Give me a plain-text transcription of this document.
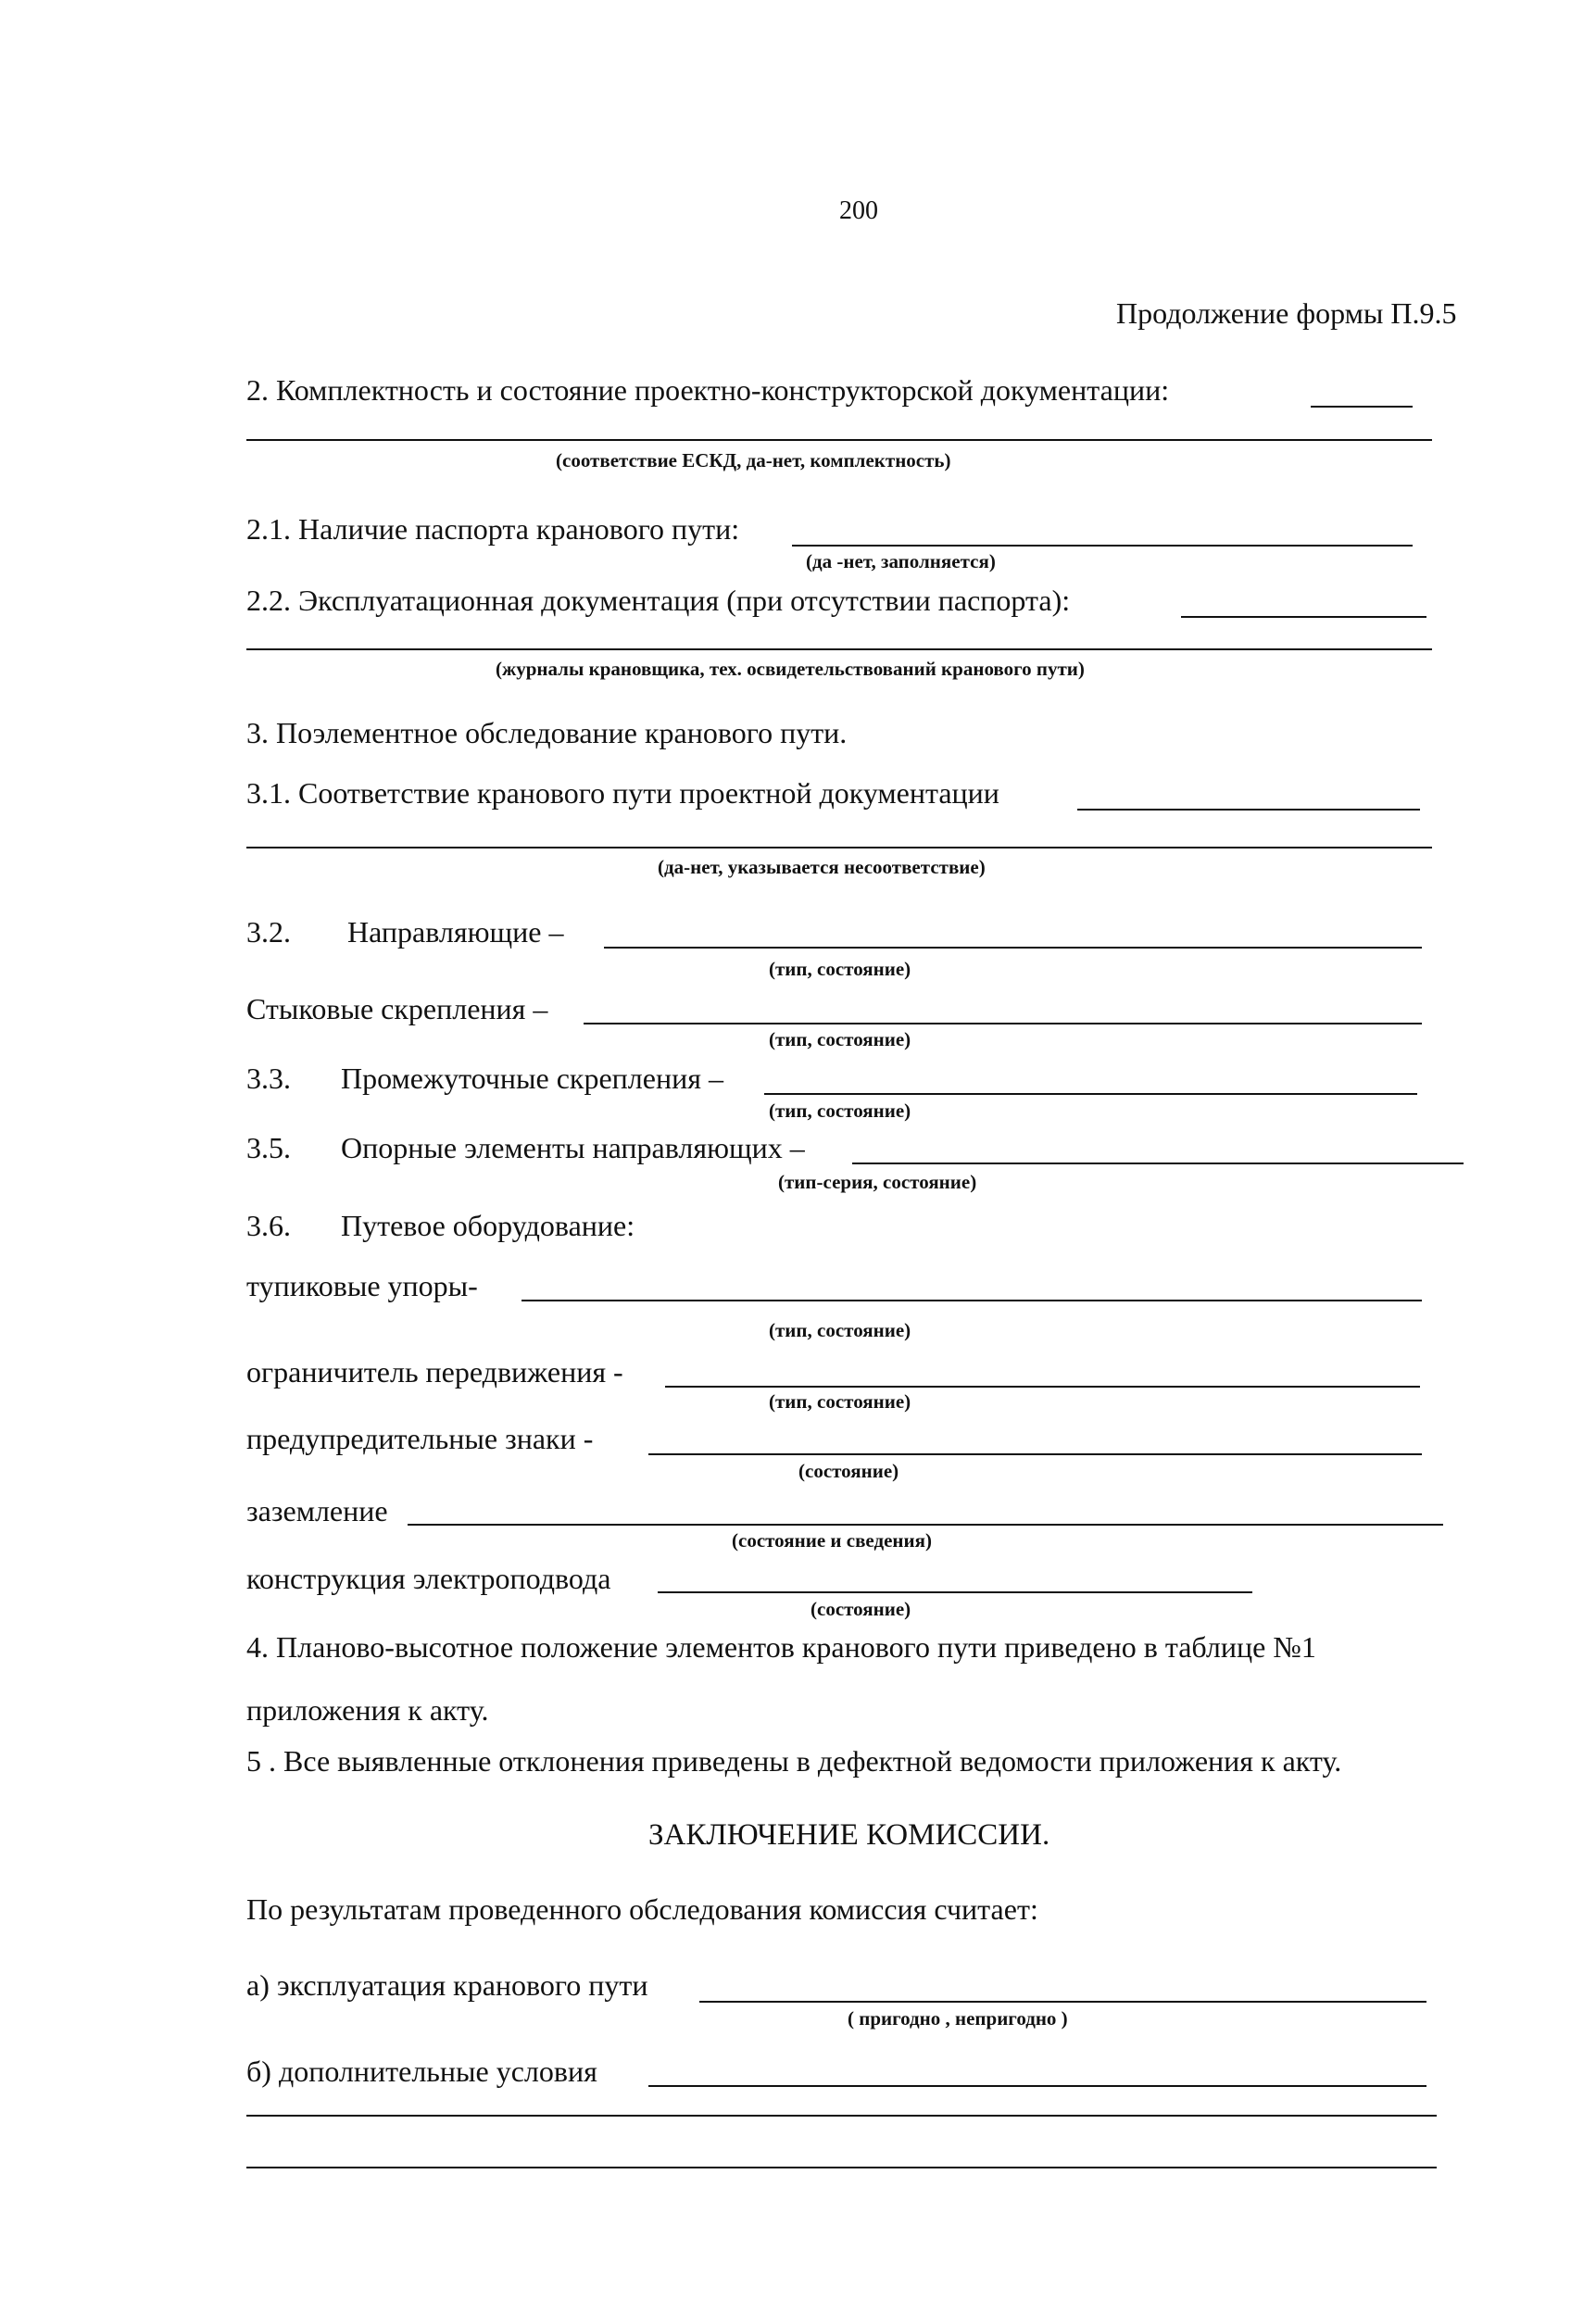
200
Продолжение формы П.9.5
2. Комплектность и состояние проектно-конструкторской документации:
(соответствие ЕСКД, да-нет, комплектность)
2.1. Наличие паспорта кранового пути:
(да -нет, заполняется)
2.2. Эксплуатационная документация (при отсутствии паспорта):
(журналы крановщика, тех. освидетельствований кранового пути)
3. Поэлементное обследование кранового пути.
3.1. Соответствие кранового пути проектной документации
(да-нет, указывается несоответствие)
3.2. Направляющие –
(тип, состояние)
Стыковые скрепления –
(тип, состояние)
3.3. Промежуточные скрепления –
(тип, состояние)
3.5. Опорные элементы направляющих –
(тип-серия, состояние)
3.6. Путевое оборудование:
тупиковые упоры-
(тип, состояние)
ограничитель передвижения -
(тип, состояние)
предупредительные знаки -
(состояние)
заземление
(состояние и сведения)
конструкция электроподвода
(состояние)
4. Планово-высотное положение элементов кранового пути приведено в таблице №1
приложения к акту.
5 . Все выявленные отклонения приведены в дефектной ведомости приложения к акту.
ЗАКЛЮЧЕНИЕ КОМИССИИ.
По результатам проведенного обследования комиссия считает:
а) эксплуатация кранового пути
( пригодно , непригодно )
б) дополнительные условия
